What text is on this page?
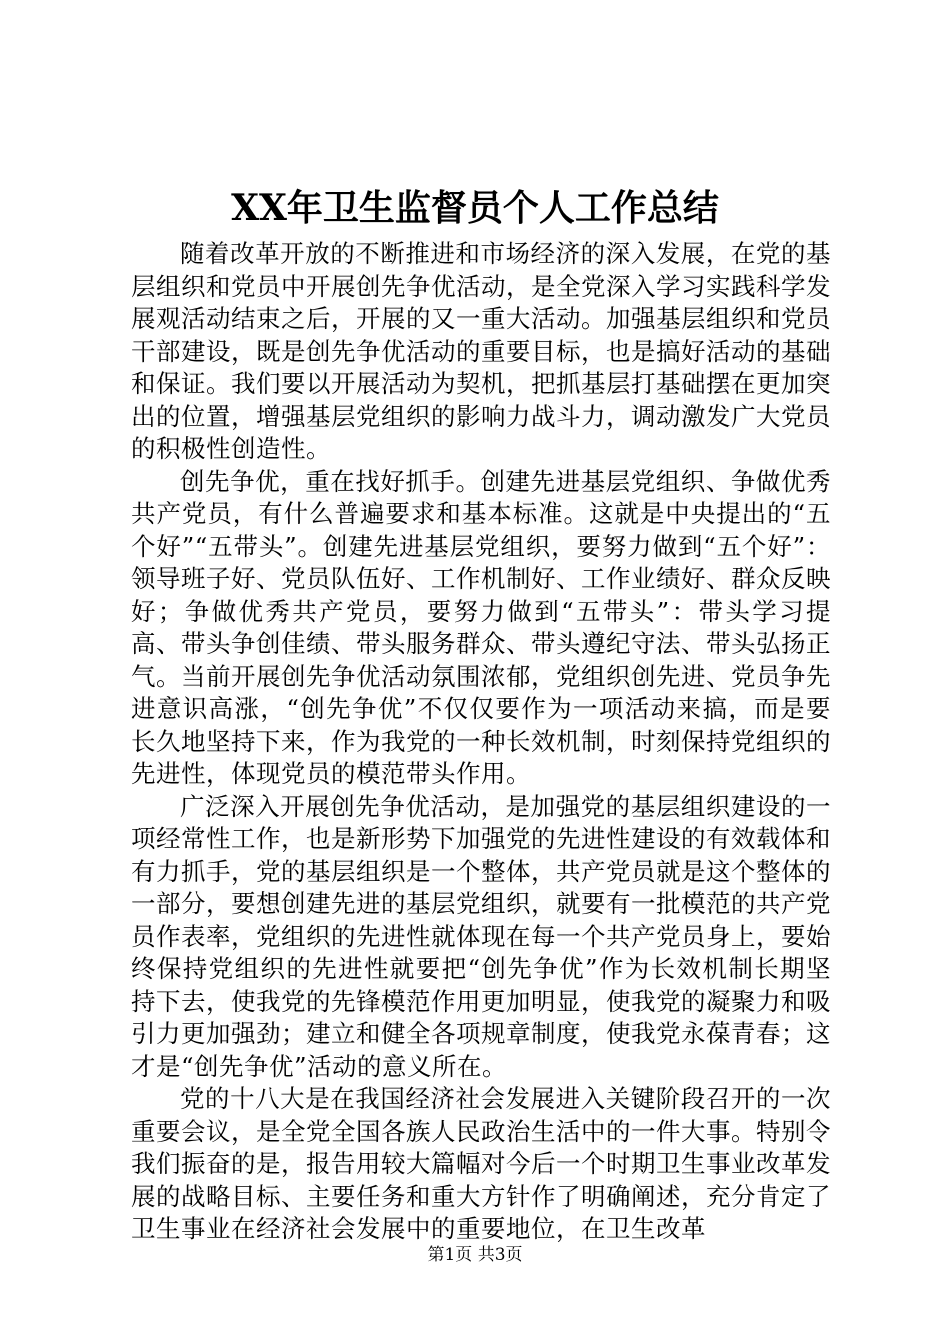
XX年卫生监督员个人工作总结

随着改革开放的不断推进和市场经济的深入发展，在党的基层组织和党员中开展创先争优活动，是全党深入学习实践科学发展观活动结束之后，开展的又一重大活动。加强基层组织和党员干部建设，既是创先争优活动的重要目标，也是搞好活动的基础和保证。我们要以开展活动为契机，把抓基层打基础摆在更加突出的位置，增强基层党组织的影响力战斗力，调动激发广大党员的积极性创造性。

创先争优，重在找好抓手。创建先进基层党组织、争做优秀共产党员，有什么普遍要求和基本标准。这就是中央提出的“五个好”“五带头”。创建先进基层党组织，要努力做到“五个好”：领导班子好、党员队伍好、工作机制好、工作业绩好、群众反映好；争做优秀共产党员，要努力做到“五带头”：带头学习提高、带头争创佳绩、带头服务群众、带头遵纪守法、带头弘扬正气。当前开展创先争优活动氛围浓郁，党组织创先进、党员争先进意识高涨，“创先争优”不仅仅要作为一项活动来搞，而是要长久地坚持下来，作为我党的一种长效机制，时刻保持党组织的先进性，体现党员的模范带头作用。

广泛深入开展创先争优活动，是加强党的基层组织建设的一项经常性工作，也是新形势下加强党的先进性建设的有效载体和有力抓手，党的基层组织是一个整体，共产党员就是这个整体的一部分，要想创建先进的基层党组织，就要有一批模范的共产党员作表率，党组织的先进性就体现在每一个共产党员身上，要始终保持党组织的先进性就要把“创先争优”作为长效机制长期坚持下去，使我党的先锋模范作用更加明显，使我党的凝聚力和吸引力更加强劲；建立和健全各项规章制度，使我党永葆青春；这才是“创先争优”活动的意义所在。

党的十八大是在我国经济社会发展进入关键阶段召开的一次重要会议，是全党全国各族人民政治生活中的一件大事。特别令我们振奋的是，报告用较大篇幅对今后一个时期卫生事业改革发展的战略目标、主要任务和重大方针作了明确阐述，充分肯定了卫生事业在经济社会发展中的重要地位，在卫生改革

第1页 共3页
